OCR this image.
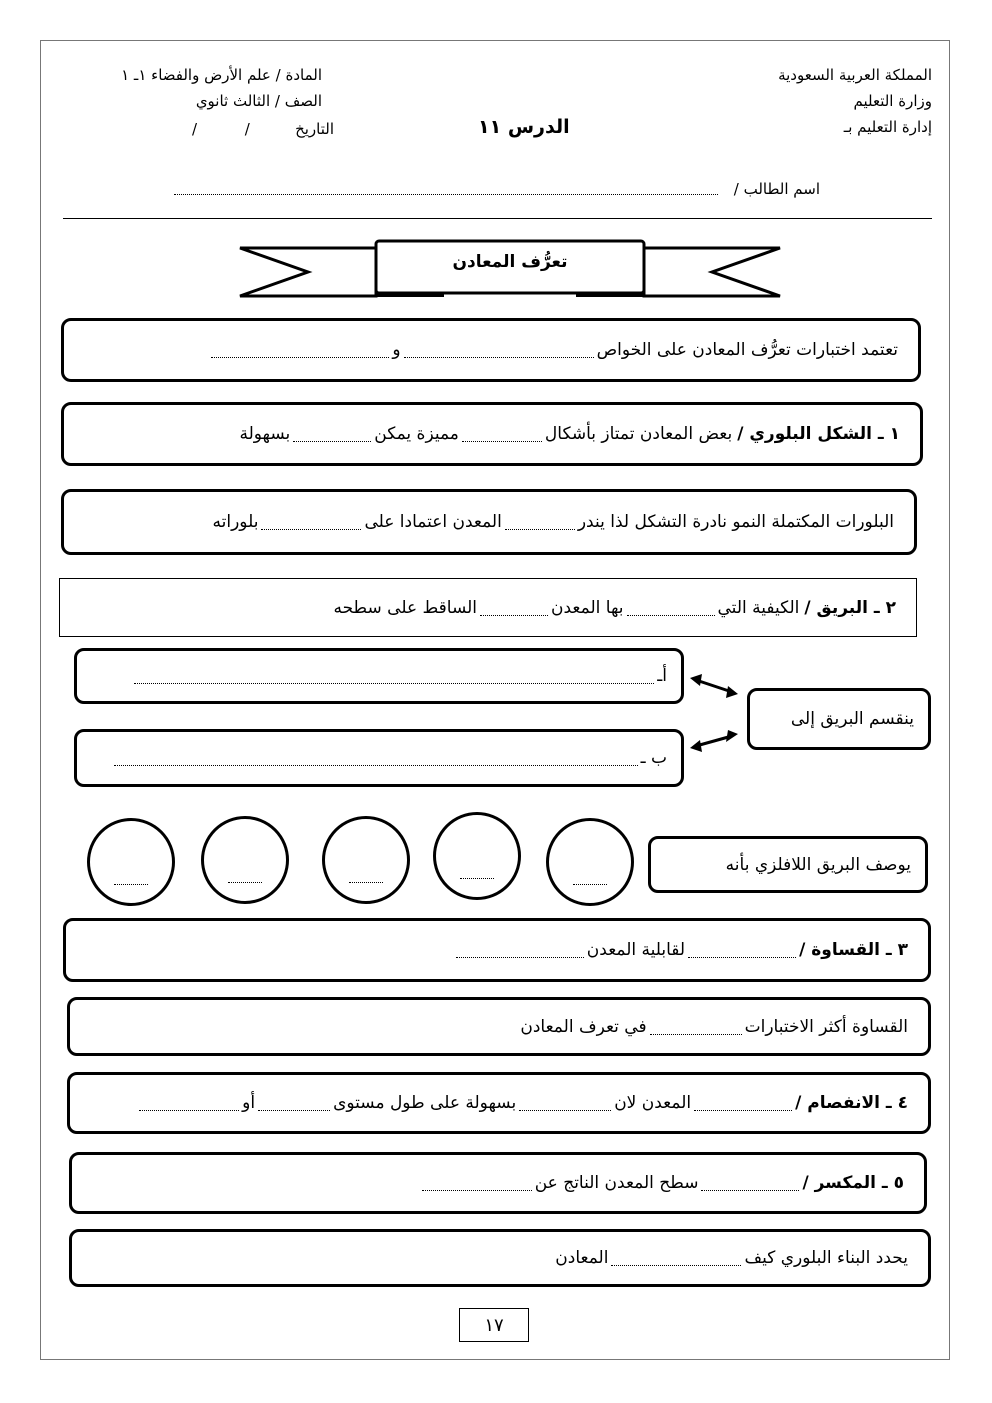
المملكة العربية السعودية
وزارة التعليم
إدارة التعليم بـ
المادة / علم الأرض والفضاء ١ـ ١
الصف / الثالث ثانوي
التاريخ
/          /	الدرس ١١
اسم الطالب /
تعرُّف المعادن
تعتمد اختبارات تعرُّف المعادن على الخواص
و
١ ـ الشكل البلوري /
بعض المعادن تمتاز بأشكال
مميزة يمكن
بسهولة
البلورات المكتملة النمو نادرة التشكل لذا يندر
المعدن اعتمادا على
بلوراته
٢ ـ البريق /
الكيفية التي
بها المعدن
الساقط على سطحه
أـ
ب ـ
ينقسم البريق إلى
يوصف البريق اللافلزي بأنه
٣ ـ القساوة /
لقابلية المعدن
القساوة أكثر الاختبارات
في تعرف المعادن
٤ ـ الانفصام /
المعدن لان
بسهولة على طول مستوى
أو
٥ ـ المكسر /
سطح المعدن الناتج عن
يحدد البناء البلوري كيف
المعادن
١٧
